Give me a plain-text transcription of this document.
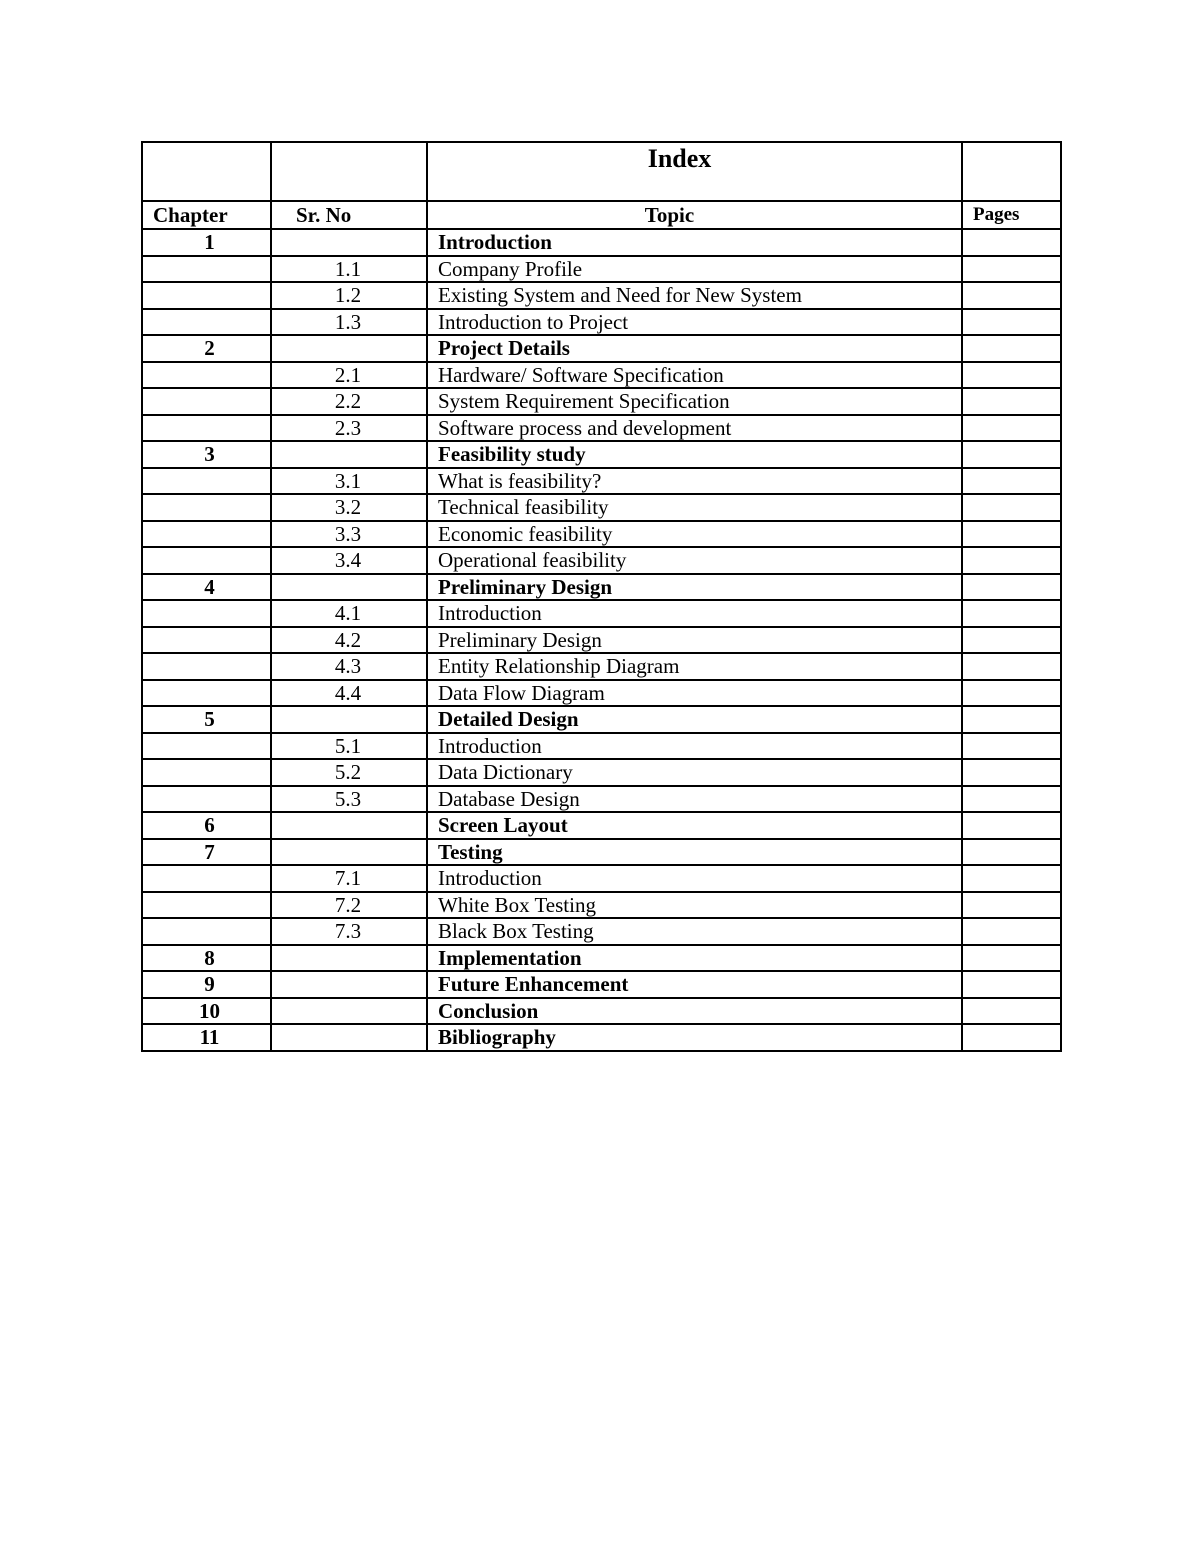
		Index	
Chapter	Sr. No	Topic	Pages
1		Introduction	
	1.1	Company Profile	
	1.2	Existing System and Need for New System	
	1.3	Introduction to Project	
2		Project Details	
	2.1	Hardware/ Software Specification	
	2.2	System Requirement Specification	
	2.3	Software process and development	
3		Feasibility study	
	3.1	What is feasibility?	
	3.2	Technical feasibility	
	3.3	Economic feasibility	
	3.4	Operational feasibility	
4		Preliminary Design	
	4.1	Introduction	
	4.2	Preliminary Design	
	4.3	Entity Relationship Diagram	
	4.4	Data Flow Diagram	
5		Detailed Design	
	5.1	Introduction	
	5.2	Data Dictionary	
	5.3	Database Design	
6		Screen Layout	
7		Testing	
	7.1	Introduction	
	7.2	White Box Testing	
	7.3	Black Box Testing	
8		Implementation	
9		Future Enhancement	
10		Conclusion	
11		Bibliography	
